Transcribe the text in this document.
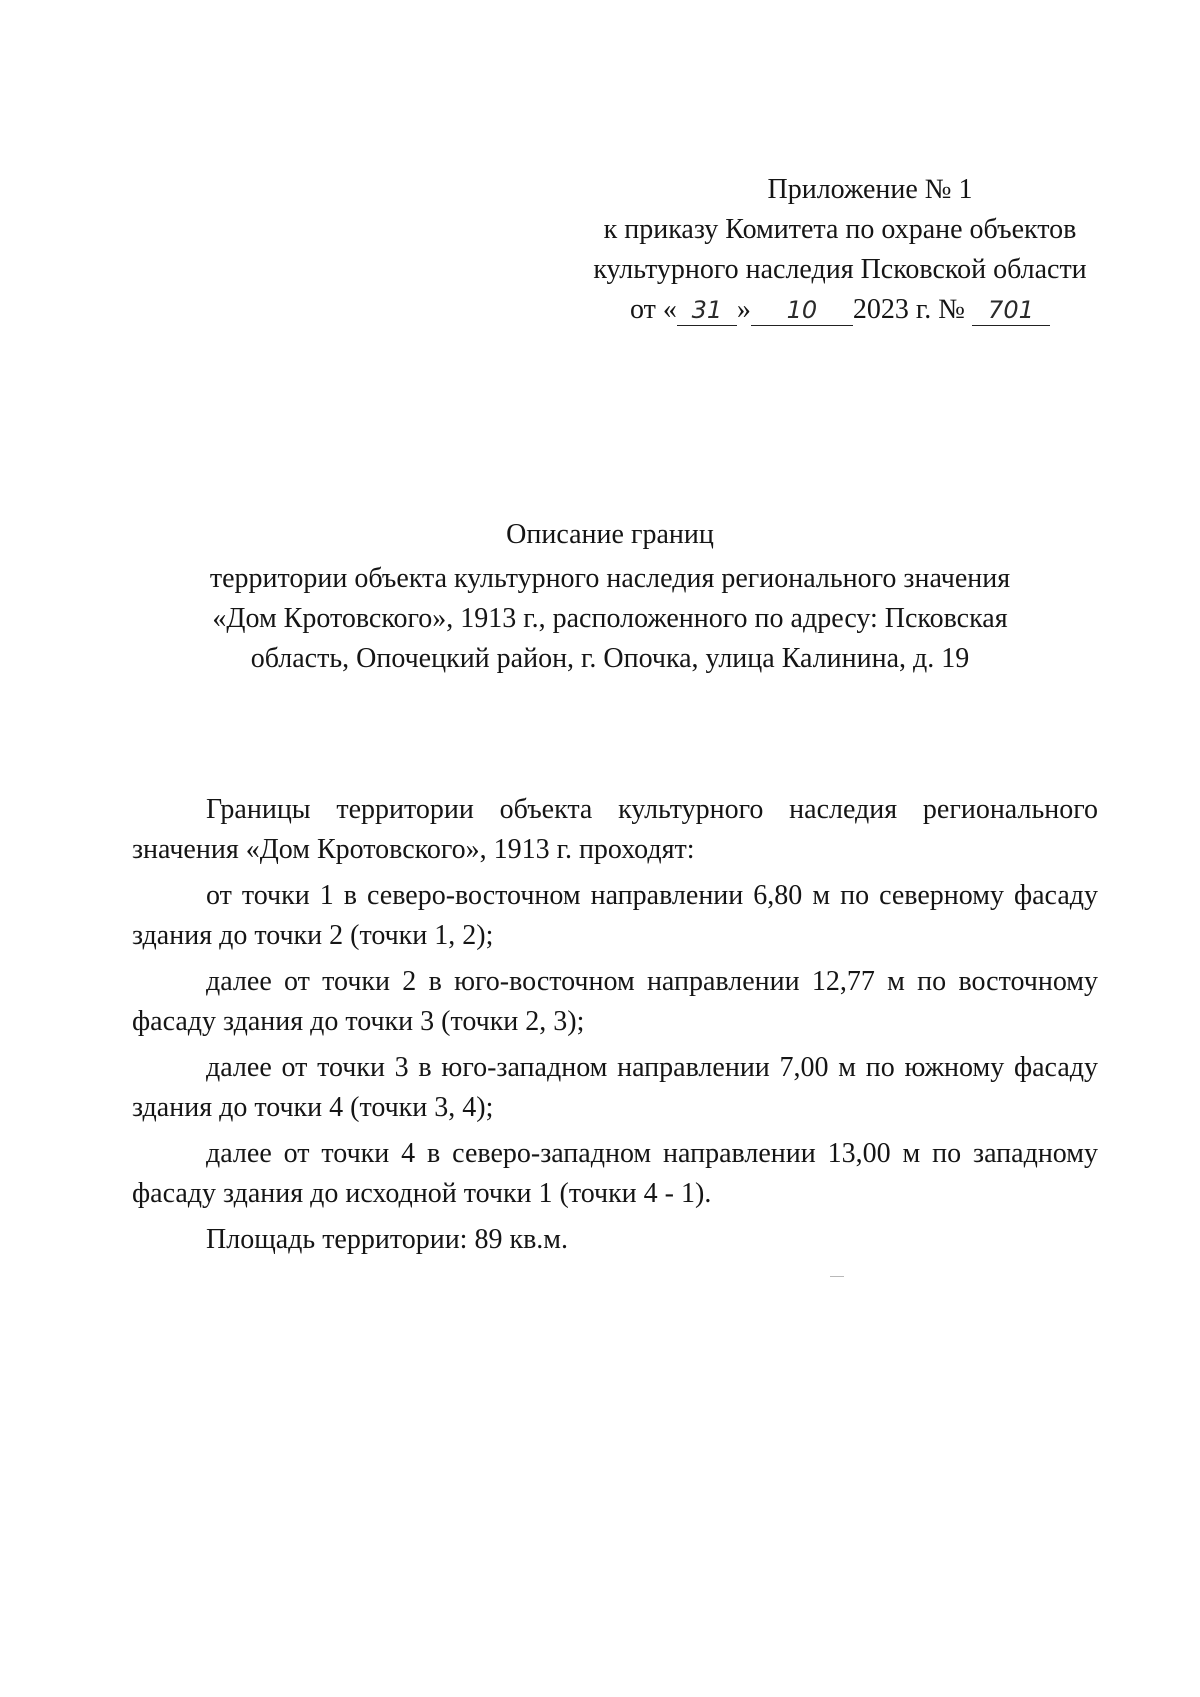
Приложение № 1
к приказу Комитета по охране объектов
культурного наследия Псковской области
от « 31 » 10 2023 г. № 701
Описание границ
территории объекта культурного наследия регионального значения
«Дом Кротовского», 1913 г., расположенного по адресу: Псковская
область, Опочецкий район, г. Опочка, улица Калинина, д. 19

Границы территории объекта культурного наследия регионального значения «Дом Кротовского», 1913 г. проходят:

от точки 1 в северо-восточном направлении 6,80 м по северному фасаду здания до точки 2 (точки 1, 2);

далее от точки 2 в юго-восточном направлении 12,77 м по восточному фасаду здания до точки 3 (точки 2, 3);

далее от точки 3 в юго-западном направлении 7,00 м по южному фасаду здания до точки 4 (точки 3, 4);

далее от точки 4 в северо-западном направлении 13,00 м по западному фасаду здания до исходной точки 1 (точки 4 - 1).

Площадь территории: 89 кв.м.
